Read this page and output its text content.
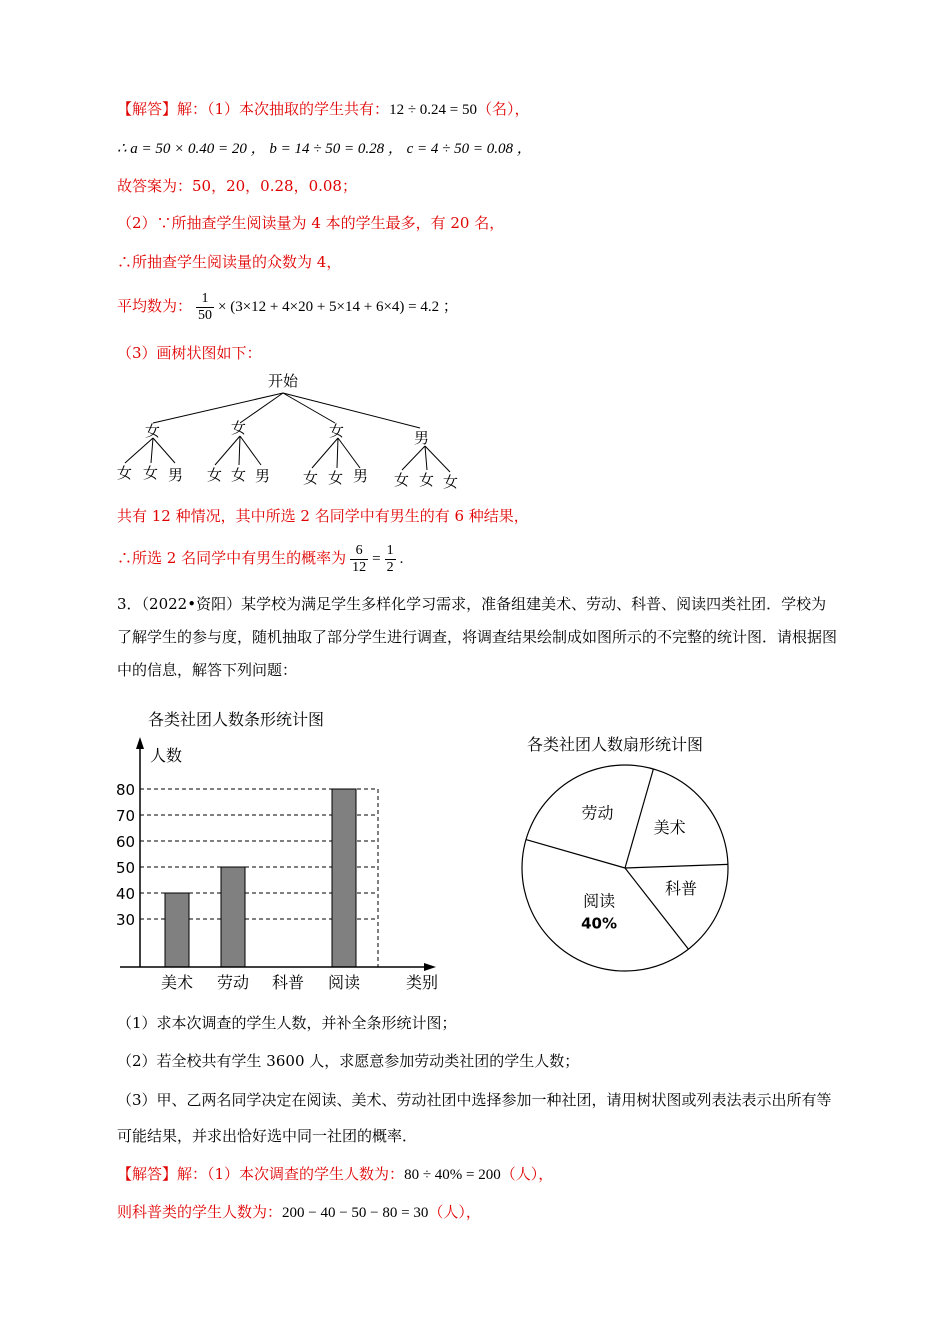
【解答】解：（1）本次抽取的学生共有：12 ÷ 0.24 = 50（名），
∴ a = 50 × 0.40 = 20 ， b = 14 ÷ 50 = 0.28 ， c = 4 ÷ 50 = 0.08 ，
故答案为：50，20，0.28，0.08；
（2）∵所抽查学生阅读量为 4 本的学生最多，有 20 名，
∴所抽查学生阅读量的众数为 4，
平均数为： $\frac{1}{50} \times (3\times 12 + 4\times 20 + 5\times 14 + 6\times 4) = 4.2$ ；
（3）画树状图如下：
开始
女	女	女	男
女 女 男 女 女 男 女 女 男 女 女 女
共有 12 种情况，其中所选 2 名同学中有男生的有 6 种结果，
∴所选 2 名同学中有男生的概率为 $\frac{6}{12} = \frac{1}{2}$ .
3．（2022•资阳）某学校为满足学生多样化学习需求，准备组建美术、劳动、科普、阅读四类社团．学校为了解学生的参与度，随机抽取了部分学生进行调查，将调查结果绘制成如图所示的不完整的统计图．请根据图中的信息，解答下列问题：
各类社团人数条形统计图
人数
类别
30
40
50
60
70
80
美术 劳动 科普 阅读
各类社团人数扇形统计图
美术
科普
阅读
40%
劳动
（1）求本次调查的学生人数，并补全条形统计图；
（2）若全校共有学生 3600 人，求愿意参加劳动类社团的学生人数；
（3）甲、乙两名同学决定在阅读、美术、劳动社团中选择参加一种社团，请用树状图或列表法表示出所有等可能结果，并求出恰好选中同一社团的概率．
【解答】解：（1）本次调查的学生人数为：80 ÷ 40% = 200（人），
则科普类的学生人数为：200 − 40 − 50 − 80 = 30（人），
